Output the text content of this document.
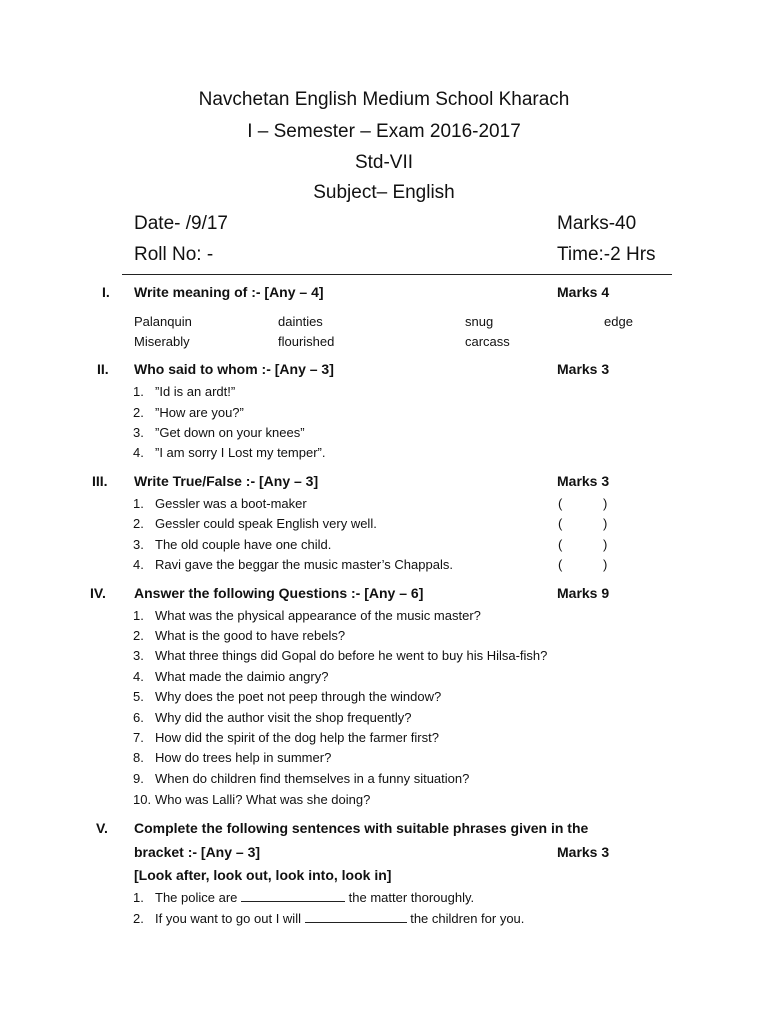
Navchetan English Medium School Kharach
I – Semester – Exam 2016-2017
Std-VII
Subject– English
Date- /9/17	Marks-40
Roll No: -	Time:-2 Hrs
I. Write meaning of :- [Any – 4]	Marks 4
Palanquin	dainties	snug	edge
Miserably	flourished	carcass
II. Who said to whom :- [Any – 3]	Marks 3
1. ”Id is an ardt!”
2. ”How are you?”
3. ”Get down on your knees”
4. ”I am sorry I Lost my temper”.
III. Write True/False :- [Any – 3]	Marks 3
1. Gessler was a boot-maker	(	)
2. Gessler could speak English very well.	(	)
3. The old couple have one child.	(	)
4. Ravi gave the beggar the music master’s Chappals.	(	)
IV. Answer the following Questions :- [Any – 6]	Marks 9
1. What was the physical appearance of the music master?
2. What is the good to have rebels?
3. What three things did Gopal do before he went to buy his Hilsa-fish?
4. What made the daimio angry?
5. Why does the poet not peep through the window?
6. Why did the author visit the shop frequently?
7. How did the spirit of the dog help the farmer first?
8. How do trees help in summer?
9. When do children find themselves in a funny situation?
10. Who was Lalli? What was she doing?
V. Complete the following sentences with suitable phrases given in the
bracket :- [Any – 3]	Marks 3
[Look after, look out, look into, look in]
1. The police are	the matter thoroughly.
2. If you want to go out I will	the children for you.
